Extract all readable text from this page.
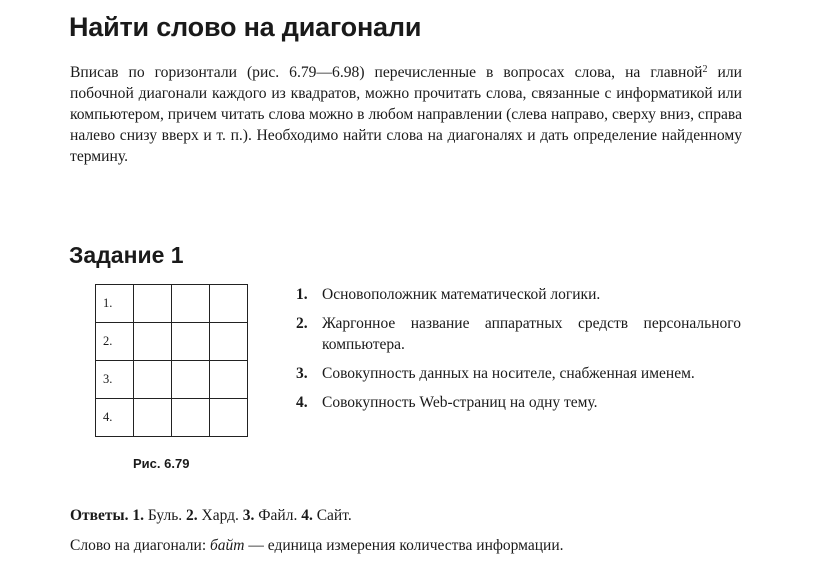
Найти слово на диагонали

Вписав по горизонтали (рис. 6.79—6.98) перечисленные в вопросах слова, на главной$^2$ или побочной диагонали каждого из квадратов, можно прочитать слова, связанные с информатикой или компьютером, причем читать слова можно в любом направлении (слева направо, сверху вниз, справа налево снизу вверх и т. п.). Необходимо найти слова на диагоналях и дать определение найденному термину.

Задание 1
1.			

2.			

3.			

4.			

Рис. 6.79
1. Основоположник математической логики.
2. Жаргонное название аппаратных средств персонального компьютера.
3. Совокупность данных на носителе, снабженная именем.
4. Совокупность Web-страниц на одну тему.

Ответы. 1. Буль. 2. Хард. 3. Файл. 4. Сайт.

Слово на диагонали: байт — единица измерения количества информации.
